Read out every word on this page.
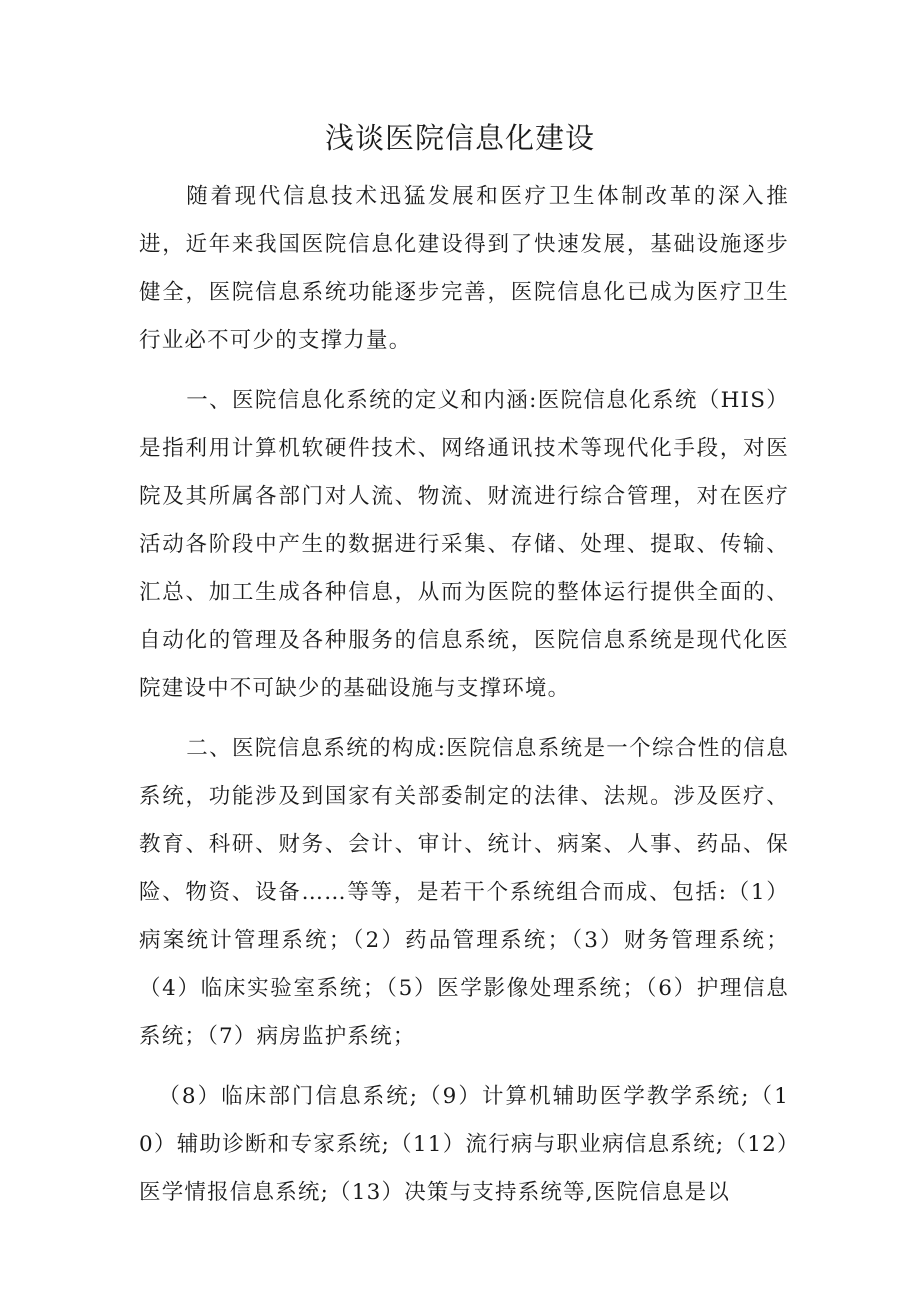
浅谈医院信息化建设

随着现代信息技术迅猛发展和医疗卫生体制改革的深入推进，近年来我国医院信息化建设得到了快速发展，基础设施逐步健全，医院信息系统功能逐步完善，医院信息化已成为医疗卫生行业必不可少的支撑力量。

一、医院信息化系统的定义和内涵:医院信息化系统（HIS）是指利用计算机软硬件技术、网络通讯技术等现代化手段，对医院及其所属各部门对人流、物流、财流进行综合管理，对在医疗活动各阶段中产生的数据进行采集、存储、处理、提取、传输、汇总、加工生成各种信息，从而为医院的整体运行提供全面的、自动化的管理及各种服务的信息系统，医院信息系统是现代化医院建设中不可缺少的基础设施与支撑环境。

二、医院信息系统的构成:医院信息系统是一个综合性的信息系统，功能涉及到国家有关部委制定的法律、法规。涉及医疗、教育、科研、财务、会计、审计、统计、病案、人事、药品、保险、物资、设备……等等，是若干个系统组合而成、包括:（1）病案统计管理系统；（2）药品管理系统；（3）财务管理系统；（4）临床实验室系统；（5）医学影像处理系统；（6）护理信息系统；（7）病房监护系统；

（8）临床部门信息系统;（9）计算机辅助医学教学系统;（10）辅助诊断和专家系统;（11）流行病与职业病信息系统;（12）医学情报信息系统;（13）决策与支持系统等,医院信息是以
